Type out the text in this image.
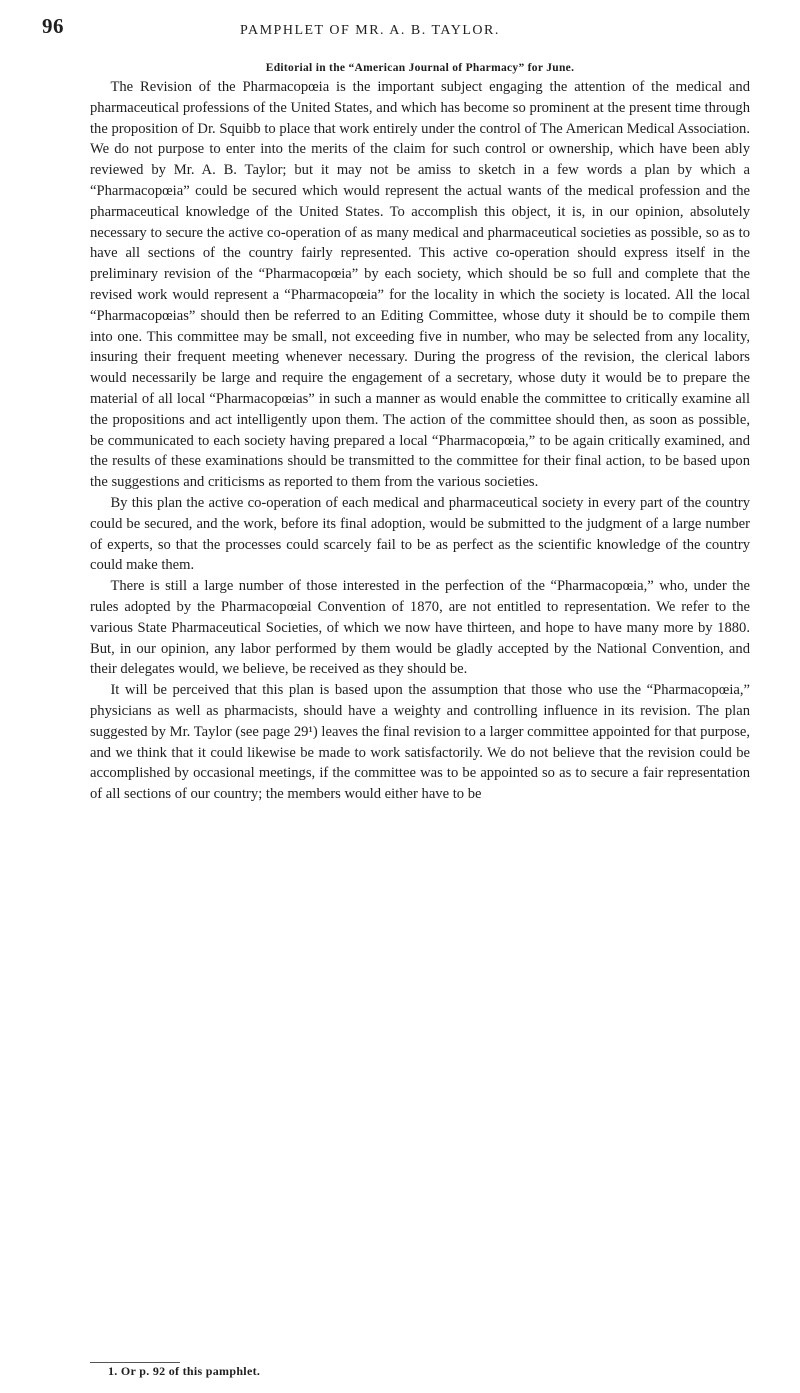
96	PAMPHLET OF MR. A. B. TAYLOR.
Editorial in the “American Journal of Pharmacy” for June.

The Revision of the Pharmacopœia is the important subject engaging the attention of the medical and pharmaceutical professions of the United States, and which has become so prominent at the present time through the proposition of Dr. Squibb to place that work entirely under the control of The American Medical Association. We do not purpose to enter into the merits of the claim for such control or ownership, which have been ably reviewed by Mr. A. B. Taylor; but it may not be amiss to sketch in a few words a plan by which a “Pharmacopœia” could be secured which would represent the actual wants of the medical profession and the pharmaceutical knowledge of the United States. To accomplish this object, it is, in our opinion, absolutely necessary to secure the active co-operation of as many medical and pharmaceutical societies as possible, so as to have all sections of the country fairly represented. This active co-operation should express itself in the preliminary revision of the “Pharmacopœia” by each society, which should be so full and complete that the revised work would represent a “Pharmacopœia” for the locality in which the society is located. All the local “Pharmacopœias” should then be referred to an Editing Committee, whose duty it should be to compile them into one. This committee may be small, not exceeding five in number, who may be selected from any locality, insuring their frequent meeting whenever necessary. During the progress of the revision, the clerical labors would necessarily be large and require the engagement of a secretary, whose duty it would be to prepare the material of all local “Pharmacopœias” in such a manner as would enable the committee to critically examine all the propositions and act intelligently upon them. The action of the committee should then, as soon as possible, be communicated to each society having prepared a local “Pharmacopœia,” to be again critically examined, and the results of these examinations should be transmitted to the committee for their final action, to be based upon the suggestions and criticisms as reported to them from the various societies.

By this plan the active co-operation of each medical and pharmaceutical society in every part of the country could be secured, and the work, before its final adoption, would be submitted to the judgment of a large number of experts, so that the processes could scarcely fail to be as perfect as the scientific knowledge of the country could make them.

There is still a large number of those interested in the perfection of the “Pharmacopœia,” who, under the rules adopted by the Pharmacopœial Convention of 1870, are not entitled to representation. We refer to the various State Pharmaceutical Societies, of which we now have thirteen, and hope to have many more by 1880. But, in our opinion, any labor performed by them would be gladly accepted by the National Convention, and their delegates would, we believe, be received as they should be.

It will be perceived that this plan is based upon the assumption that those who use the “Pharmacopœia,” physicians as well as pharmacists, should have a weighty and controlling influence in its revision. The plan suggested by Mr. Taylor (see page 29¹) leaves the final revision to a larger committee appointed for that purpose, and we think that it could likewise be made to work satisfactorily. We do not believe that the revision could be accomplished by occasional meetings, if the committee was to be appointed so as to secure a fair representation of all sections of our country; the members would either have to be

1. Or p. 92 of this pamphlet.
